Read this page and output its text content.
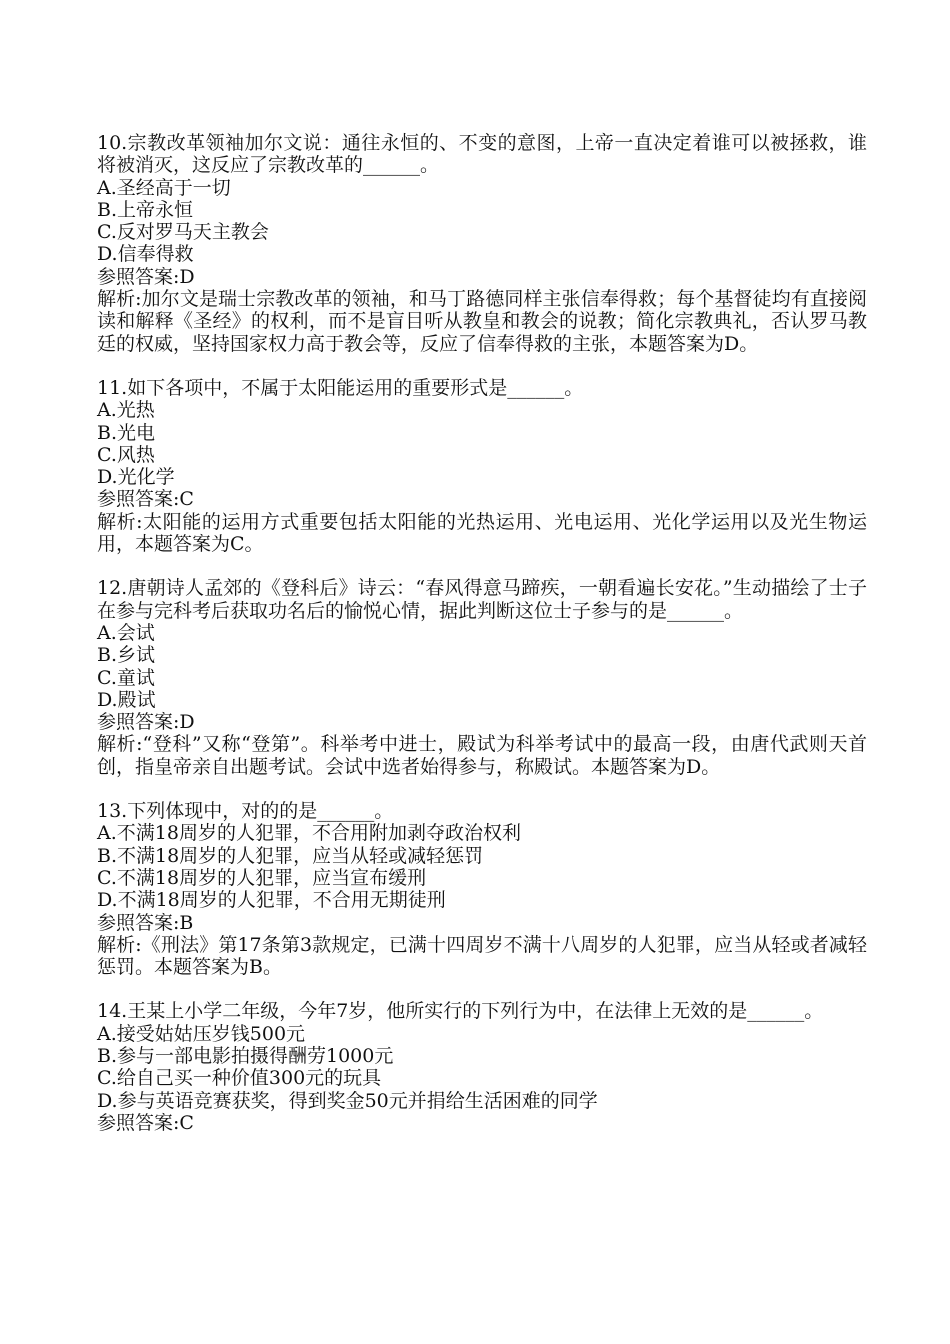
10.宗教改革领袖加尔文说：通往永恒的、不变的意图，上帝一直决定着谁可以被拯救，谁将被消灭，这反应了宗教改革的______。
A.圣经高于一切
B.上帝永恒
C.反对罗马天主教会
D.信奉得救
参照答案:D
解析:加尔文是瑞士宗教改革的领袖，和马丁路德同样主张信奉得救；每个基督徒均有直接阅读和解释《圣经》的权利，而不是盲目听从教皇和教会的说教；简化宗教典礼，否认罗马教廷的权威，坚持国家权力高于教会等，反应了信奉得救的主张，本题答案为D。
11.如下各项中，不属于太阳能运用的重要形式是______。
A.光热
B.光电
C.风热
D.光化学
参照答案:C
解析:太阳能的运用方式重要包括太阳能的光热运用、光电运用、光化学运用以及光生物运用，本题答案为C。
12.唐朝诗人孟郊的《登科后》诗云：“春风得意马蹄疾，一朝看遍长安花。”生动描绘了士子在参与完科考后获取功名后的愉悦心情，据此判断这位士子参与的是______。
A.会试
B.乡试
C.童试
D.殿试
参照答案:D
解析:“登科”又称“登第”。科举考中进士，殿试为科举考试中的最高一段，由唐代武则天首创，指皇帝亲自出题考试。会试中选者始得参与，称殿试。本题答案为D。
13.下列体现中，对的的是______。
A.不满18周岁的人犯罪，不合用附加剥夺政治权利
B.不满18周岁的人犯罪，应当从轻或减轻惩罚
C.不满18周岁的人犯罪，应当宣布缓刑
D.不满18周岁的人犯罪，不合用无期徒刑
参照答案:B
解析:《刑法》第17条第3款规定，已满十四周岁不满十八周岁的人犯罪，应当从轻或者减轻惩罚。本题答案为B。
14.王某上小学二年级，今年7岁，他所实行的下列行为中，在法律上无效的是______。
A.接受姑姑压岁钱500元
B.参与一部电影拍摄得酬劳1000元
C.给自己买一种价值300元的玩具
D.参与英语竞赛获奖，得到奖金50元并捐给生活困难的同学
参照答案:C
